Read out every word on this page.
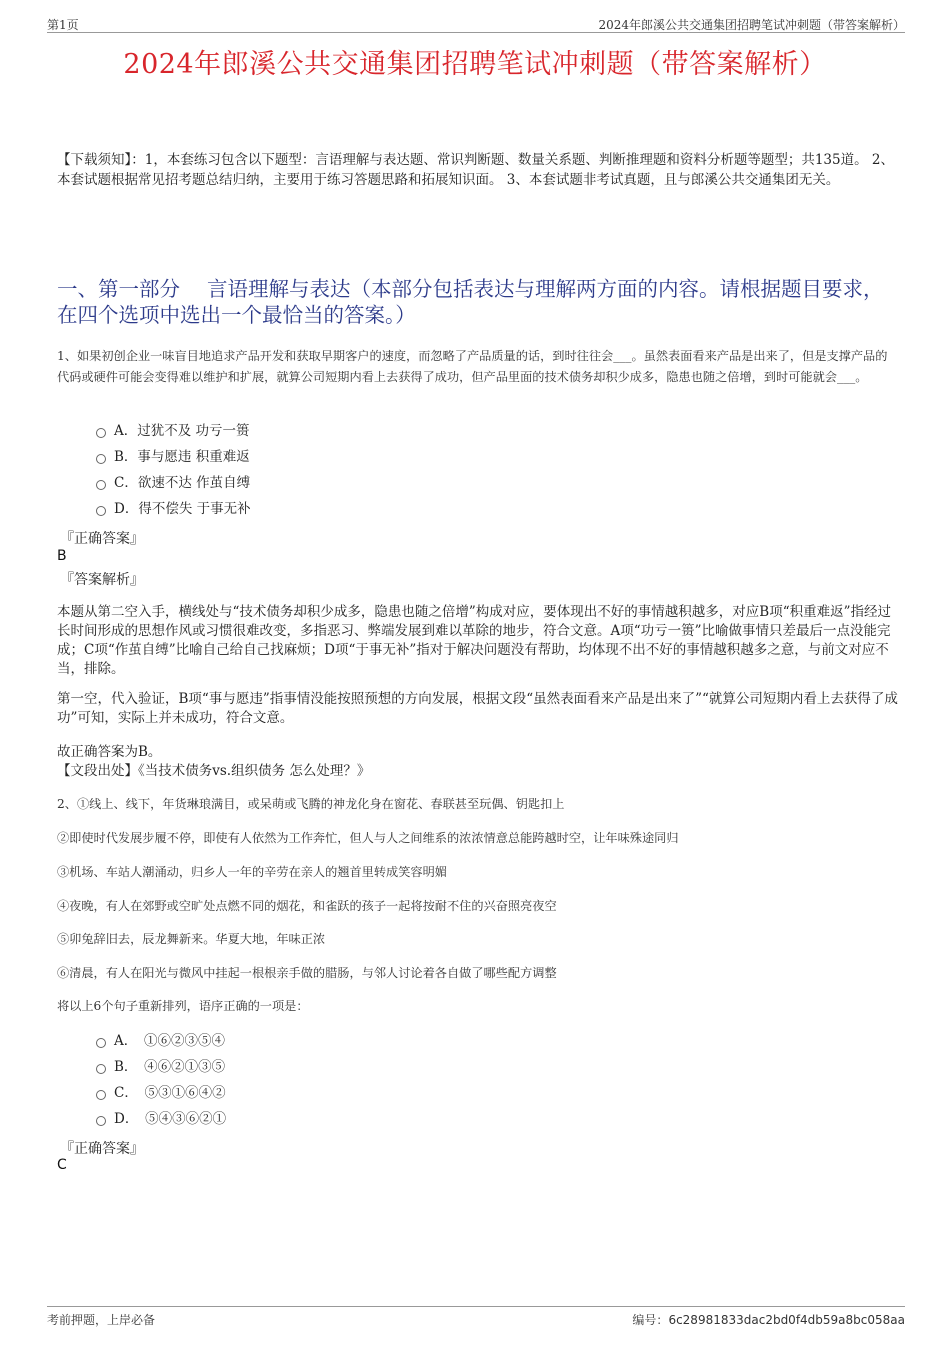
第1页	2024年郎溪公共交通集团招聘笔试冲刺题（带答案解析）
2024年郎溪公共交通集团招聘笔试冲刺题（带答案解析）
【下载须知】：1，本套练习包含以下题型：言语理解与表达题、常识判断题、数量关系题、判断推理题和资料分析题等题型；共135道。 2、本套试题根据常见招考题总结归纳，主要用于练习答题思路和拓展知识面。 3、本套试题非考试真题，且与郎溪公共交通集团无关。
一、第一部分　 言语理解与表达（本部分包括表达与理解两方面的内容。请根据题目要求，在四个选项中选出一个最恰当的答案。）
1、如果初创企业一味盲目地追求产品开发和获取早期客户的速度，而忽略了产品质量的话，到时往往会___。虽然表面看来产品是出来了，但是支撑产品的代码或硬件可能会变得难以维护和扩展，就算公司短期内看上去获得了成功，但产品里面的技术债务却积少成多，隐患也随之倍增，到时可能就会___。
A．过犹不及 功亏一篑
B．事与愿违 积重难返
C．欲速不达 作茧自缚
D．得不偿失 于事无补
『正确答案』
B
『答案解析』
本题从第二空入手，横线处与“技术债务却积少成多，隐患也随之倍增”构成对应，要体现出不好的事情越积越多，对应B项“积重难返”指经过长时间形成的思想作风或习惯很难改变，多指恶习、弊端发展到难以革除的地步，符合文意。A项“功亏一篑”比喻做事情只差最后一点没能完成；C项“作茧自缚”比喻自己给自己找麻烦；D项“于事无补”指对于解决问题没有帮助，均体现不出不好的事情越积越多之意，与前文对应不当，排除。
第一空，代入验证，B项“事与愿违”指事情没能按照预想的方向发展，根据文段“虽然表面看来产品是出来了”“就算公司短期内看上去获得了成功”可知，实际上并未成功，符合文意。
故正确答案为B。
【文段出处】《当技术债务vs.组织债务 怎么处理？》
2、①线上、线下，年货琳琅满目，或呆萌或飞腾的神龙化身在窗花、春联甚至玩偶、钥匙扣上
②即使时代发展步履不停，即使有人依然为工作奔忙，但人与人之间维系的浓浓情意总能跨越时空，让年味殊途同归
③机场、车站人潮涌动，归乡人一年的辛劳在亲人的翘首里转成笑容明媚
④夜晚，有人在郊野或空旷处点燃不同的烟花，和雀跃的孩子一起将按耐不住的兴奋照亮夜空
⑤卯兔辞旧去，辰龙舞新来。华夏大地，年味正浓
⑥清晨，有人在阳光与微风中挂起一根根亲手做的腊肠，与邻人讨论着各自做了哪些配方调整
将以上6个句子重新排列，语序正确的一项是：
A．　①⑥②③⑤④
B．　④⑥②①③⑤
C．　⑤③①⑥④②
D．　⑤④③⑥②①
『正确答案』
C
考前押题，上岸必备	编号：6c28981833dac2bd0f4db59a8bc058aa
